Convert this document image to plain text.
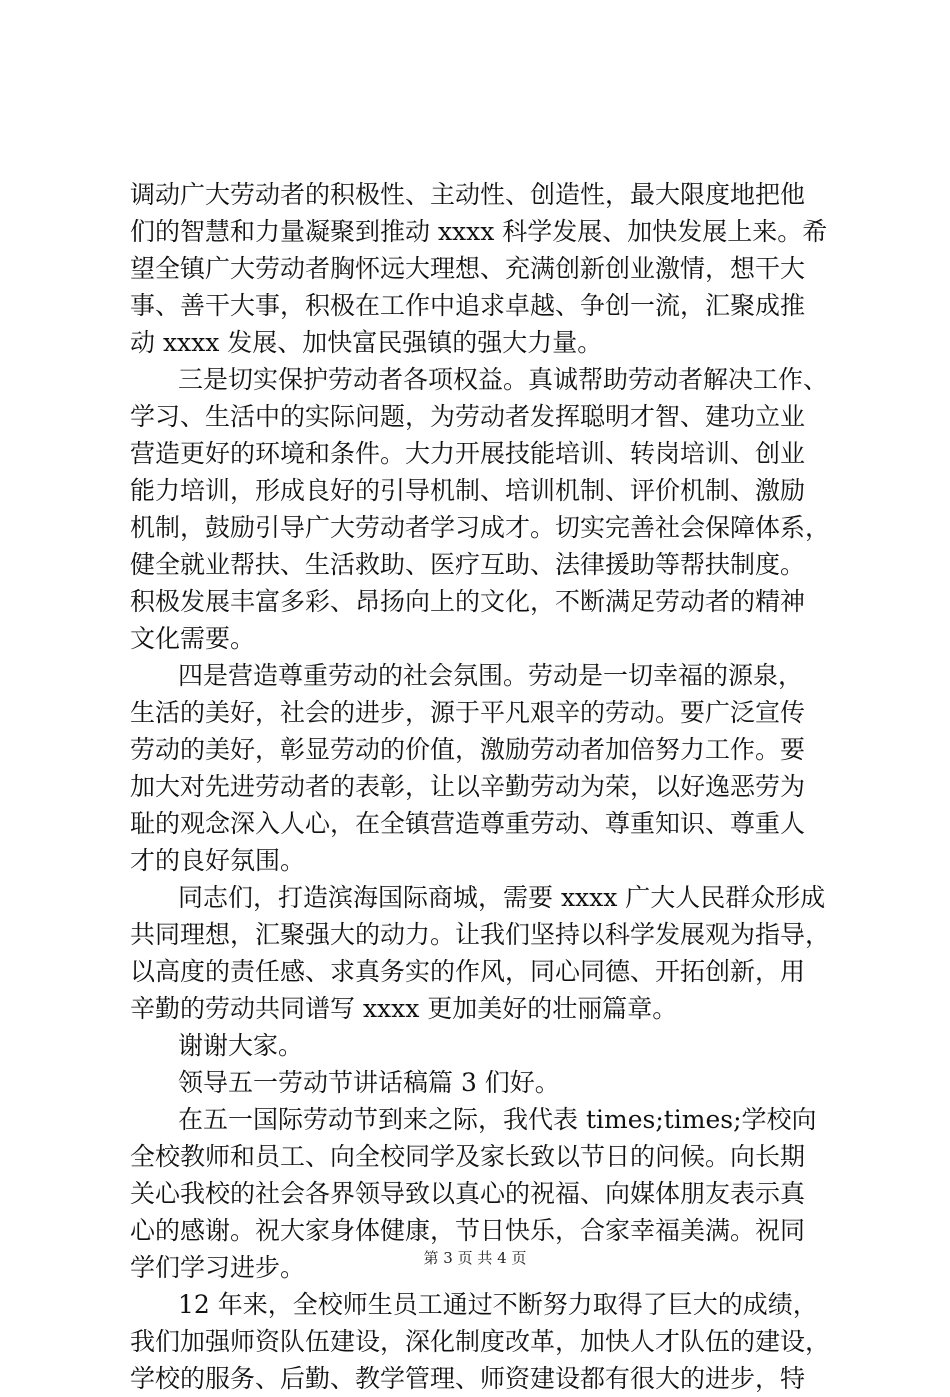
调动广大劳动者的积极性、主动性、创造性，最大限度地把他
们的智慧和力量凝聚到推动 xxxx 科学发展、加快发展上来。希
望全镇广大劳动者胸怀远大理想、充满创新创业激情，想干大
事、善干大事，积极在工作中追求卓越、争创一流，汇聚成推
动 xxxx 发展、加快富民强镇的强大力量。
三是切实保护劳动者各项权益。真诚帮助劳动者解决工作、
学习、生活中的实际问题，为劳动者发挥聪明才智、建功立业
营造更好的环境和条件。大力开展技能培训、转岗培训、创业
能力培训，形成良好的引导机制、培训机制、评价机制、激励
机制，鼓励引导广大劳动者学习成才。切实完善社会保障体系，
健全就业帮扶、生活救助、医疗互助、法律援助等帮扶制度。
积极发展丰富多彩、昂扬向上的文化，不断满足劳动者的精神
文化需要。
四是营造尊重劳动的社会氛围。劳动是一切幸福的源泉，
生活的美好，社会的进步，源于平凡艰辛的劳动。要广泛宣传
劳动的美好，彰显劳动的价值，激励劳动者加倍努力工作。要
加大对先进劳动者的表彰，让以辛勤劳动为荣，以好逸恶劳为
耻的观念深入人心，在全镇营造尊重劳动、尊重知识、尊重人
才的良好氛围。
同志们，打造滨海国际商城，需要 xxxx 广大人民群众形成
共同理想，汇聚强大的动力。让我们坚持以科学发展观为指导，
以高度的责任感、求真务实的作风，同心同德、开拓创新，用
辛勤的劳动共同谱写 xxxx 更加美好的壮丽篇章。
谢谢大家。
领导五一劳动节讲话稿篇 3 们好。
在五一国际劳动节到来之际，我代表 times;times;学校向
全校教师和员工、向全校同学及家长致以节日的问候。向长期
关心我校的社会各界领导致以真心的祝福、向媒体朋友表示真
心的感谢。祝大家身体健康，节日快乐，合家幸福美满。祝同
学们学习进步。
12 年来，全校师生员工通过不断努力取得了巨大的成绩，
我们加强师资队伍建设，深化制度改革，加快人才队伍的建设，
学校的服务、后勤、教学管理、师资建设都有很大的进步，特
第 3 页 共 4 页
